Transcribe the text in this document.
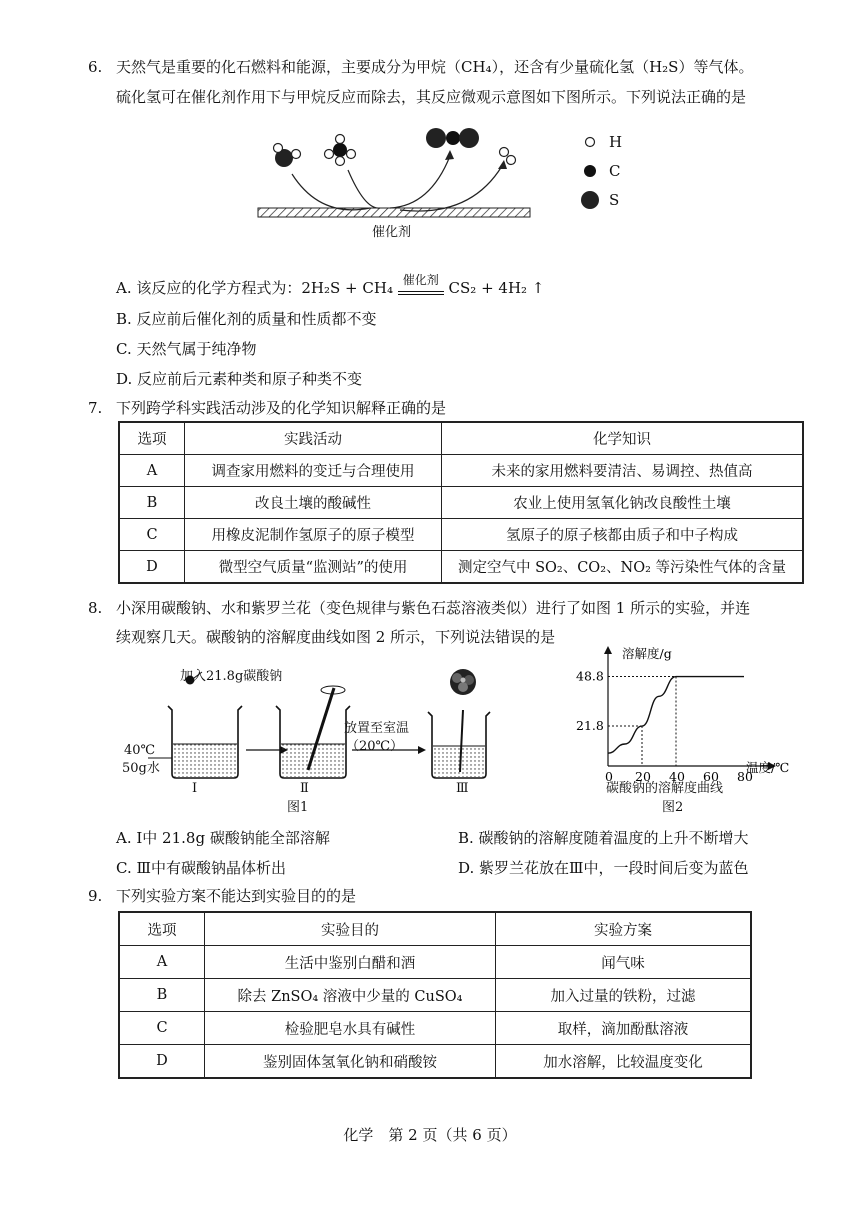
6. 天然气是重要的化石燃料和能源，主要成分为甲烷（CH₄），还含有少量硫化氢（H₂S）等气体。
硫化氢可在催化剂作用下与甲烷反应而除去，其反应微观示意图如下图所示。下列说法正确的是
H
C
S
催化剂
A. 该反应的化学方程式为：2H₂S + CH₄ 催化剂 CS₂ + 4H₂ ↑
B. 反应前后催化剂的质量和性质都不变
C. 天然气属于纯净物
D. 反应前后元素种类和原子种类不变
7. 下列跨学科实践活动涉及的化学知识解释正确的是
选项	实践活动	化学知识
A	调查家用燃料的变迁与合理使用	未来的家用燃料要清洁、易调控、热值高
B	改良土壤的酸碱性	农业上使用氢氧化钠改良酸性土壤
C	用橡皮泥制作氢原子的原子模型	氢原子的原子核都由质子和中子构成
D	微型空气质量“监测站”的使用	测定空气中 SO₂、CO₂、NO₂ 等污染性气体的含量
8. 小深用碳酸钠、水和紫罗兰花（变色规律与紫色石蕊溶液类似）进行了如图 1 所示的实验，并连
续观察几天。碳酸钠的溶解度曲线如图 2 所示，下列说法错误的是
加入21.8g碳酸钠
40℃
50g水
放置至室温
（20℃）
Ⅰ	Ⅱ	Ⅲ
图1
0 20 40 60 80
21.8
48.8
溶解度/g
温度/℃
碳酸钠的溶解度曲线
图2
A. Ⅰ中 21.8g 碳酸钠能全部溶解	B. 碳酸钠的溶解度随着温度的上升不断增大
C. Ⅲ中有碳酸钠晶体析出	D. 紫罗兰花放在Ⅲ中，一段时间后变为蓝色
9. 下列实验方案不能达到实验目的的是
选项	实验目的	实验方案
A	生活中鉴别白醋和酒	闻气味
B	除去 ZnSO₄ 溶液中少量的 CuSO₄	加入过量的铁粉，过滤
C	检验肥皂水具有碱性	取样，滴加酚酞溶液
D	鉴别固体氢氧化钠和硝酸铵	加水溶解，比较温度变化
化学　第 2 页（共 6 页）
